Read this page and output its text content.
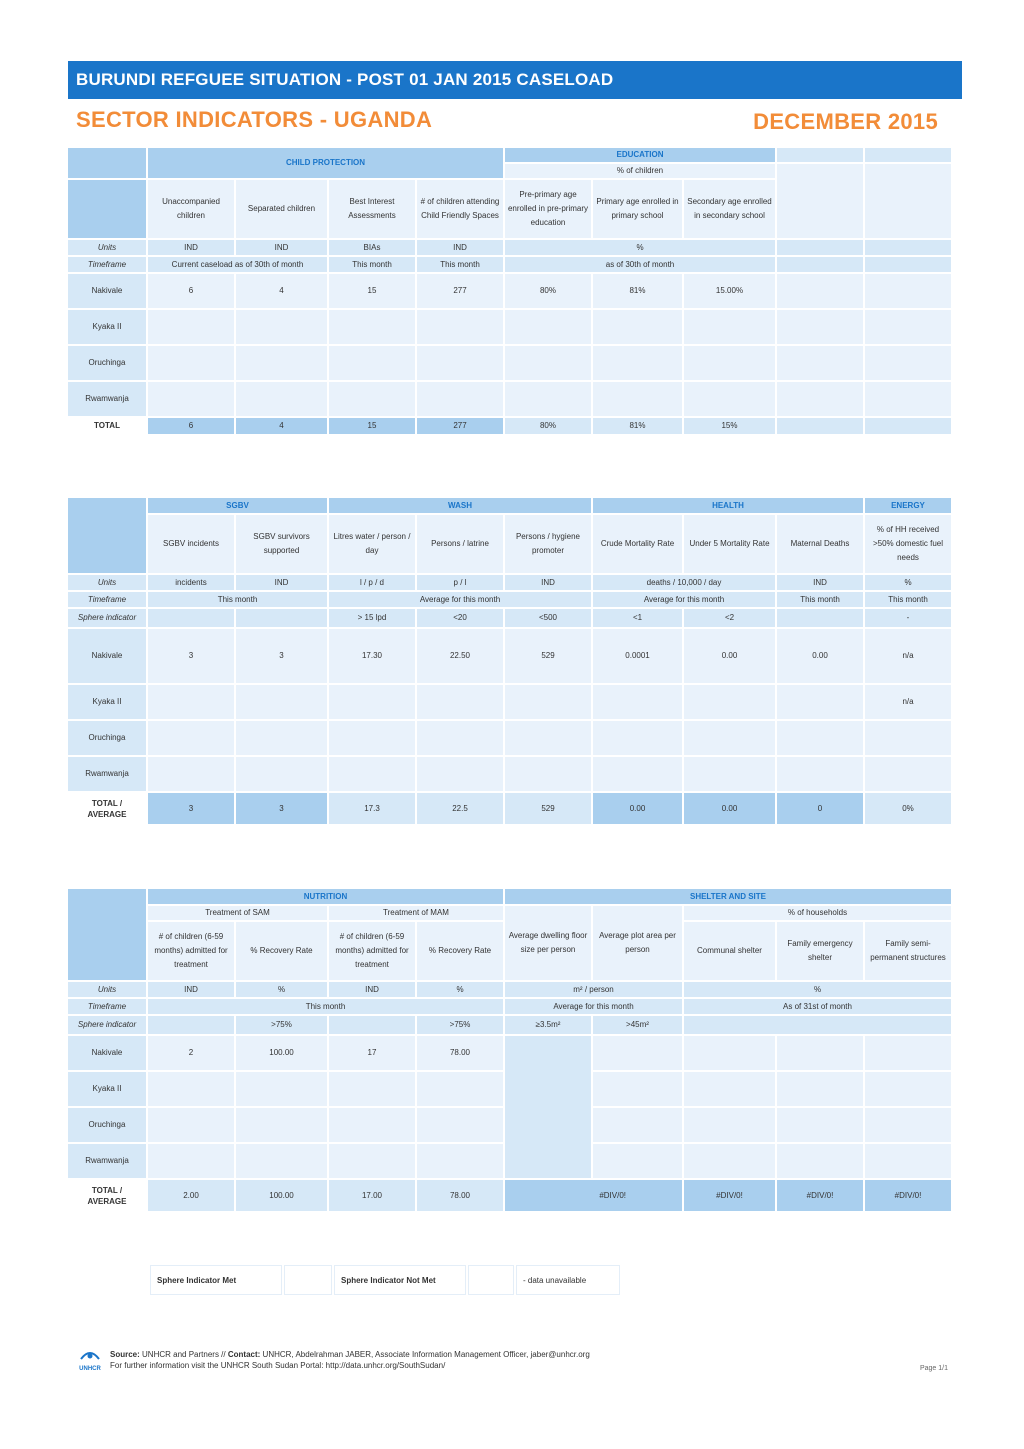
BURUNDI REFGUEE SITUATION - POST 01 JAN 2015 CASELOAD
SECTOR INDICATORS - UGANDA	DECEMBER 2015
	CHILD PROTECTION				EDUCATION				
					% of children				
	Unaccompanied children	Separated children	Best Interest Assessments	# of children attending Child Friendly Spaces	Pre-primary age enrolled in pre-primary education	Primary age enrolled in primary school	Secondary age enrolled in secondary school		
Units	IND	IND	BIAs	IND	%				
Timeframe	Current caseload as of 30th of month		This month	This month	as of 30th of month				
Nakivale	6	4	15	277	80%	81%	15.00%		
Kyaka II									
Oruchinga									
Rwamwanja									
TOTAL	6	4	15	277	80%	81%	15%		
	SGBV		WASH			HEALTH			ENERGY
	SGBV incidents	SGBV survivors supported	Litres water / person / day	Persons / latrine	Persons / hygiene promoter	Crude Mortality Rate	Under 5 Mortality Rate	Maternal Deaths	% of HH received >50% domestic fuel needs
Units	incidents	IND	l / p / d	p / l	IND	deaths / 10,000 / day		IND	%
Timeframe	This month		Average for this month			Average for this month		This month	This month
Sphere indicator			> 15 lpd	<20	<500	<1	<2		-
Nakivale	3	3	17.30	22.50	529	0.0001	0.00	0.00	n/a
Kyaka II									n/a
Oruchinga									
Rwamwanja									
TOTAL /
AVERAGE	3	3	17.3	22.5	529	0.00	0.00	0	0%
	NUTRITION				SHELTER AND SITE				
	Treatment of SAM		Treatment of MAM		Average dwelling floor size per person	Average plot area per person	% of households		
	# of children (6-59 months) admitted for treatment	% Recovery Rate	# of children (6-59 months) admitted for treatment	% Recovery Rate			Communal shelter	Family emergency shelter	Family semi-permanent structures
Units	IND	%	IND	%	m² / person		%		
Timeframe	This month				Average for this month		As of 31st of month		
Sphere indicator		>75%		>75%	≥3.5m²	>45m²			
Nakivale	2	100.00	17	78.00					
Kyaka II									
Oruchinga									
Rwamwanja									
TOTAL /
AVERAGE	2.00	100.00	17.00	78.00	#DIV/0!		#DIV/0!	#DIV/0!	#DIV/0!
Sphere Indicator Met		Sphere Indicator Not Met		- data unavailable
UNHCR
Source: UNHCR and Partners // Contact: UNHCR, Abdelrahman JABER, Associate Information Management Officer, jaber@unhcr.org
For further information visit the UNHCR South Sudan Portal: http://data.unhcr.org/SouthSudan/	Page 1/1
